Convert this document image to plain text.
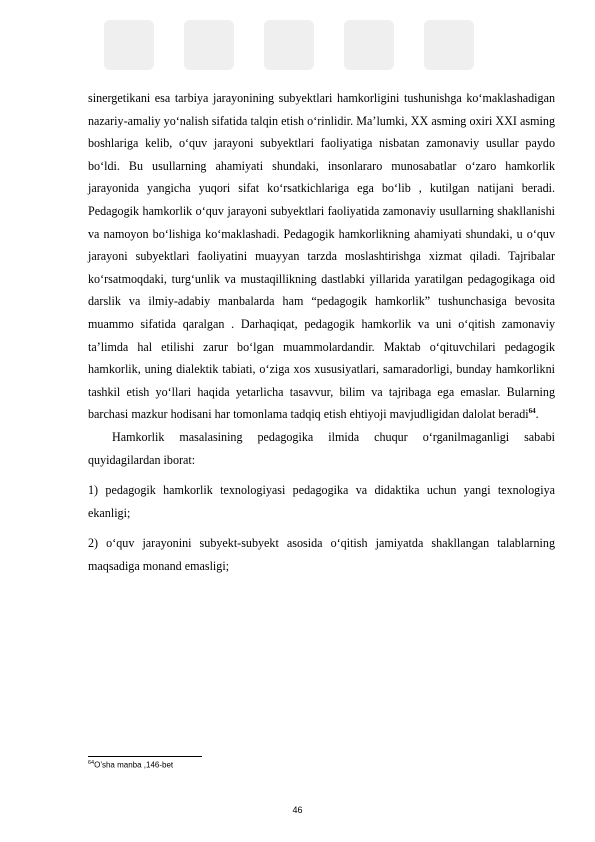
sinergetikani esa tarbiya jarayonining subyektlari hamkorligini tushunishga ko‘maklashadigan nazariy-amaliy yo‘nalish sifatida talqin etish o‘rinlidir. Ma’lumki, XX asming oxiri XXI asming boshlariga kelib, o‘quv jarayoni subyektlari faoliyatiga nisbatan zamonaviy usullar paydo bo‘ldi. Bu usullarning ahamiyati shundaki, insonlararo munosabatlar o‘zaro hamkorlik jarayonida yangicha yuqori sifat ko‘rsatkichlariga ega bo‘lib , kutilgan natijani beradi. Pedagogik hamkorlik o‘quv jarayoni subyektlari faoliyatida zamonaviy usullarning shakllanishi va namoyon bo‘lishiga ko‘maklashadi. Pedagogik hamkorlikning ahamiyati shundaki, u o‘quv jarayoni subyektlari faoliyatini muayyan tarzda moslashtirishga xizmat qiladi. Tajribalar ko‘rsatmoqdaki, turg‘unlik va mustaqillikning dastlabki yillarida yaratilgan pedagogikaga oid darslik va ilmiy-adabiy manbalarda ham “pedagogik hamkorlik” tushunchasiga bevosita muammo sifatida qaralgan . Darhaqiqat, pedagogik hamkorlik va uni o‘qitish zamonaviy ta’limda hal etilishi zarur bo‘lgan muammolardandir. Maktab o‘qituvchilari pedagogik hamkorlik, uning dialektik tabiati, o‘ziga xos xususiyatlari, samaradorligi, bunday hamkorlikni tashkil etish yo‘llari haqida yetarlicha tasavvur, bilim va tajribaga ega emaslar. Bularning barchasi mazkur hodisani har tomonlama tadqiq etish ehtiyoji mavjudligidan dalolat beradi$^{64}$.

Hamkorlik masalasining pedagogika ilmida chuqur o‘rganilmaganligi sababi quyidagilardan iborat:

1) pedagogik hamkorlik texnologiyasi pedagogika va didaktika uchun yangi texnologiya ekanligi;

2) o‘quv jarayonini subyekt-subyekt asosida o‘qitish jamiyatda shakllangan talablarning maqsadiga monand emasligi;

$^{64}$O’sha manba ,146-bet
46
